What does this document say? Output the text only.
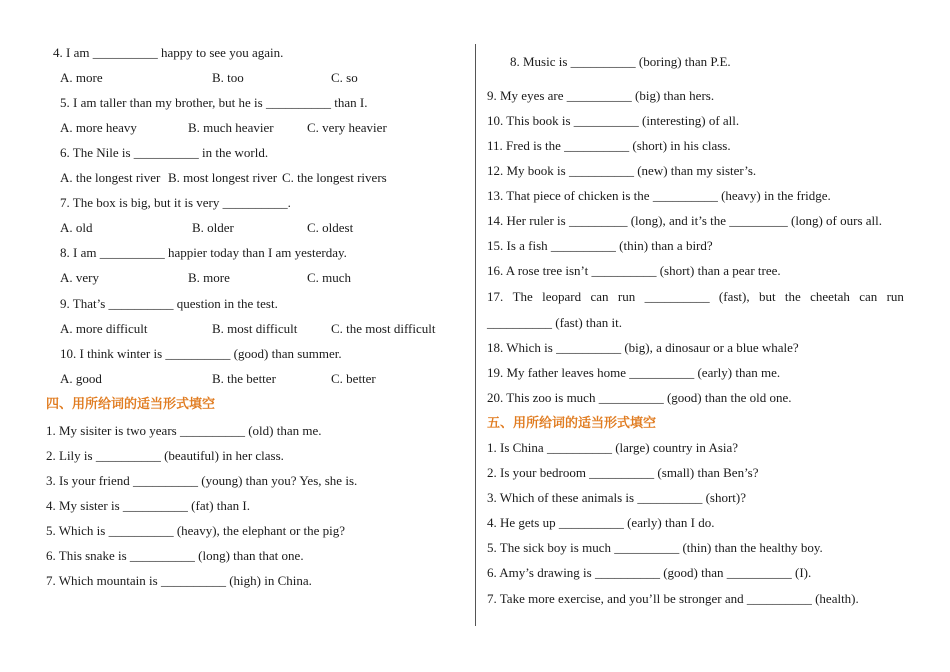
4. I am __________ happy to see you again.
A. more	B. too	C. so
5. I am taller than my brother, but he is __________ than I.
A. more heavy	B. much heavier	C. very heavier
6. The Nile is __________ in the world.
A. the longest river B. most longest river C. the longest rivers
7. The box is big, but it is very __________.
A. old	B. older	C. oldest
8. I am __________ happier today than I am yesterday.
A. very	B. more	C. much
9. That’s __________ question in the test.
A. more difficult	B. most difficult	C. the most difficult
10. I think winter is __________ (good) than summer.
A. good	B. the better	C. better
四、用所给词的适当形式填空
1. My sisiter is two years __________ (old) than me.
2. Lily is __________ (beautiful) in her class.
3. Is your friend __________ (young) than you? Yes, she is.
4. My sister is __________ (fat) than I.
5. Which is __________ (heavy), the elephant or the pig?
6. This snake is __________ (long) than that one.
7. Which mountain is __________ (high) in China.
8. Music is __________ (boring) than P.E.
9. My eyes are __________ (big) than hers.
10. This book is __________ (interesting) of all.
11. Fred is the __________ (short) in his class.
12. My book is __________ (new) than my sister’s.
13. That piece of chicken is the __________ (heavy) in the fridge.
14. Her ruler is _________ (long), and it’s the _________ (long) of ours all.
15. Is a fish __________ (thin) than a bird?
16. A rose tree isn’t __________ (short) than a pear tree.
17. The leopard can run __________ (fast), but the cheetah can run
__________ (fast) than it.
18. Which is __________ (big), a dinosaur or a blue whale?
19. My father leaves home __________ (early) than me.
20. This zoo is much __________ (good) than the old one.
五、用所给词的适当形式填空
1. Is China __________ (large) country in Asia?
2. Is your bedroom __________ (small) than Ben’s?
3. Which of these animals is __________ (short)?
4. He gets up __________ (early) than I do.
5. The sick boy is much __________ (thin) than the healthy boy.
6. Amy’s drawing is __________ (good) than __________ (I).
7. Take more exercise, and you’ll be stronger and __________ (health).
